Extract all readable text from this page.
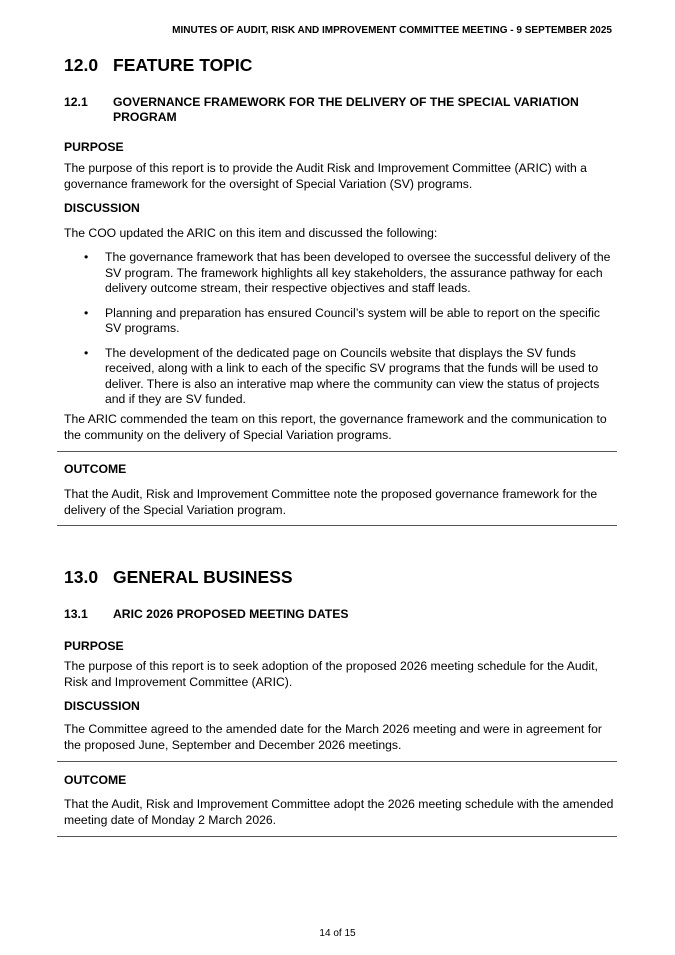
MINUTES OF AUDIT, RISK AND IMPROVEMENT COMMITTEE MEETING - 9 SEPTEMBER 2025
12.0 FEATURE TOPIC
12.1	GOVERNANCE FRAMEWORK FOR THE DELIVERY OF THE SPECIAL VARIATION PROGRAM
PURPOSE
The purpose of this report is to provide the Audit Risk and Improvement Committee (ARIC) with a governance framework for the oversight of Special Variation (SV) programs.
DISCUSSION
The COO updated the ARIC on this item and discussed the following:
• The governance framework that has been developed to oversee the successful delivery of the SV program. The framework highlights all key stakeholders, the assurance pathway for each delivery outcome stream, their respective objectives and staff leads.
• Planning and preparation has ensured Council’s system will be able to report on the specific SV programs.
• The development of the dedicated page on Councils website that displays the SV funds received, along with a link to each of the specific SV programs that the funds will be used to deliver. There is also an interative map where the community can view the status of projects and if they are SV funded.
The ARIC commended the team on this report, the governance framework and the communication to the community on the delivery of Special Variation programs.
OUTCOME
That the Audit, Risk and Improvement Committee note the proposed governance framework for the delivery of the Special Variation program.
13.0 GENERAL BUSINESS
13.1	ARIC 2026 PROPOSED MEETING DATES
PURPOSE
The purpose of this report is to seek adoption of the proposed 2026 meeting schedule for the Audit, Risk and Improvement Committee (ARIC).
DISCUSSION
The Committee agreed to the amended date for the March 2026 meeting and were in agreement for the proposed June, September and December 2026 meetings.
OUTCOME
That the Audit, Risk and Improvement Committee adopt the 2026 meeting schedule with the amended meeting date of Monday 2 March 2026.
14 of 15
